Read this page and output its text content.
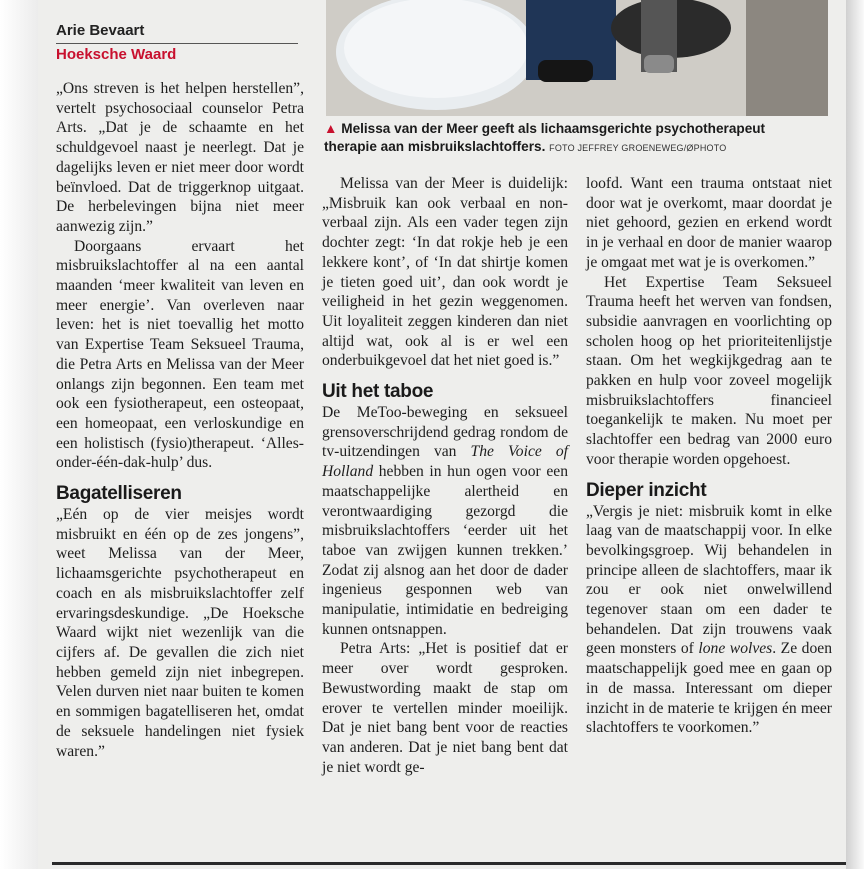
▲ Melissa van der Meer geeft als lichaamsgerichte psychotherapeut therapie aan misbruikslachtoffers. FOTO JEFFREY GROENEWEG/ØPHOTO
Arie Bevaart
Hoeksche Waard

„Ons streven is het helpen herstellen”, vertelt psychosociaal counselor Petra Arts. „Dat je de schaamte en het schuldgevoel naast je neerlegt. Dat je dagelijks leven er niet meer door wordt beïnvloed. Dat de triggerknop uitgaat. De herbelevingen bijna niet meer aanwezig zijn.”

Doorgaans ervaart het misbruikslachtoffer al na een aantal maanden ‘meer kwaliteit van leven en meer energie’. Van overleven naar leven: het is niet toevallig het motto van Expertise Team Seksueel Trauma, die Petra Arts en Melissa van der Meer onlangs zijn begonnen. Een team met ook een fysiotherapeut, een osteopaat, een homeopaat, een verloskundige en een holistisch (fysio)therapeut. ‘Alles-onder-één-dak-hulp’ dus.

Bagatelliseren

„Eén op de vier meisjes wordt misbruikt en één op de zes jongens”, weet Melissa van der Meer, lichaamsgerichte psychotherapeut en coach en als misbruikslachtoffer zelf ervaringsdeskundige. „De Hoeksche Waard wijkt niet wezenlijk van die cijfers af. De gevallen die zich niet hebben gemeld zijn niet inbegrepen. Velen durven niet naar buiten te komen en sommigen bagatelliseren het, omdat de seksuele handelingen niet fysiek waren.”

Melissa van der Meer is duidelijk: „Misbruik kan ook verbaal en non-verbaal zijn. Als een vader tegen zijn dochter zegt: ‘In dat rokje heb je een lekkere kont’, of ‘In dat shirtje komen je tieten goed uit’, dan ook wordt je veiligheid in het gezin weggenomen. Uit loyaliteit zeggen kinderen dan niet altijd wat, ook al is er wel een onderbuikgevoel dat het niet goed is.”

Uit het taboe

De MeToo-beweging en seksueel grensoverschrijdend gedrag rondom de tv-uitzendingen van The Voice of Holland hebben in hun ogen voor een maatschappelijke alertheid en verontwaardiging gezorgd die misbruikslachtoffers ‘eerder uit het taboe van zwijgen kunnen trekken.’ Zodat zij alsnog aan het door de dader ingenieus gesponnen web van manipulatie, intimidatie en bedreiging kunnen ontsnappen.

Petra Arts: „Het is positief dat er meer over wordt gesproken. Bewustwording maakt de stap om erover te vertellen minder moeilijk. Dat je niet bang bent voor de reacties van anderen. Dat je niet bang bent dat je niet wordt ge-

loofd. Want een trauma ontstaat niet door wat je overkomt, maar doordat je niet gehoord, gezien en erkend wordt in je verhaal en door de manier waarop je omgaat met wat je is overkomen.”

Het Expertise Team Seksueel Trauma heeft het werven van fondsen, subsidie aanvragen en voorlichting op scholen hoog op het prioriteitenlijstje staan. Om het wegkijkgedrag aan te pakken en hulp voor zoveel mogelijk misbruikslachtoffers financieel toegankelijk te maken. Nu moet per slachtoffer een bedrag van 2000 euro voor therapie worden opgehoest.

Dieper inzicht

„Vergis je niet: misbruik komt in elke laag van de maatschappij voor. In elke bevolkingsgroep. Wij behandelen in principe alleen de slachtoffers, maar ik zou er ook niet onwelwillend tegenover staan om een dader te behandelen. Dat zijn trouwens vaak geen monsters of lone wolves. Ze doen maatschappelijk goed mee en gaan op in de massa. Interessant om dieper inzicht in de materie te krijgen én meer slachtoffers te voorkomen.”
